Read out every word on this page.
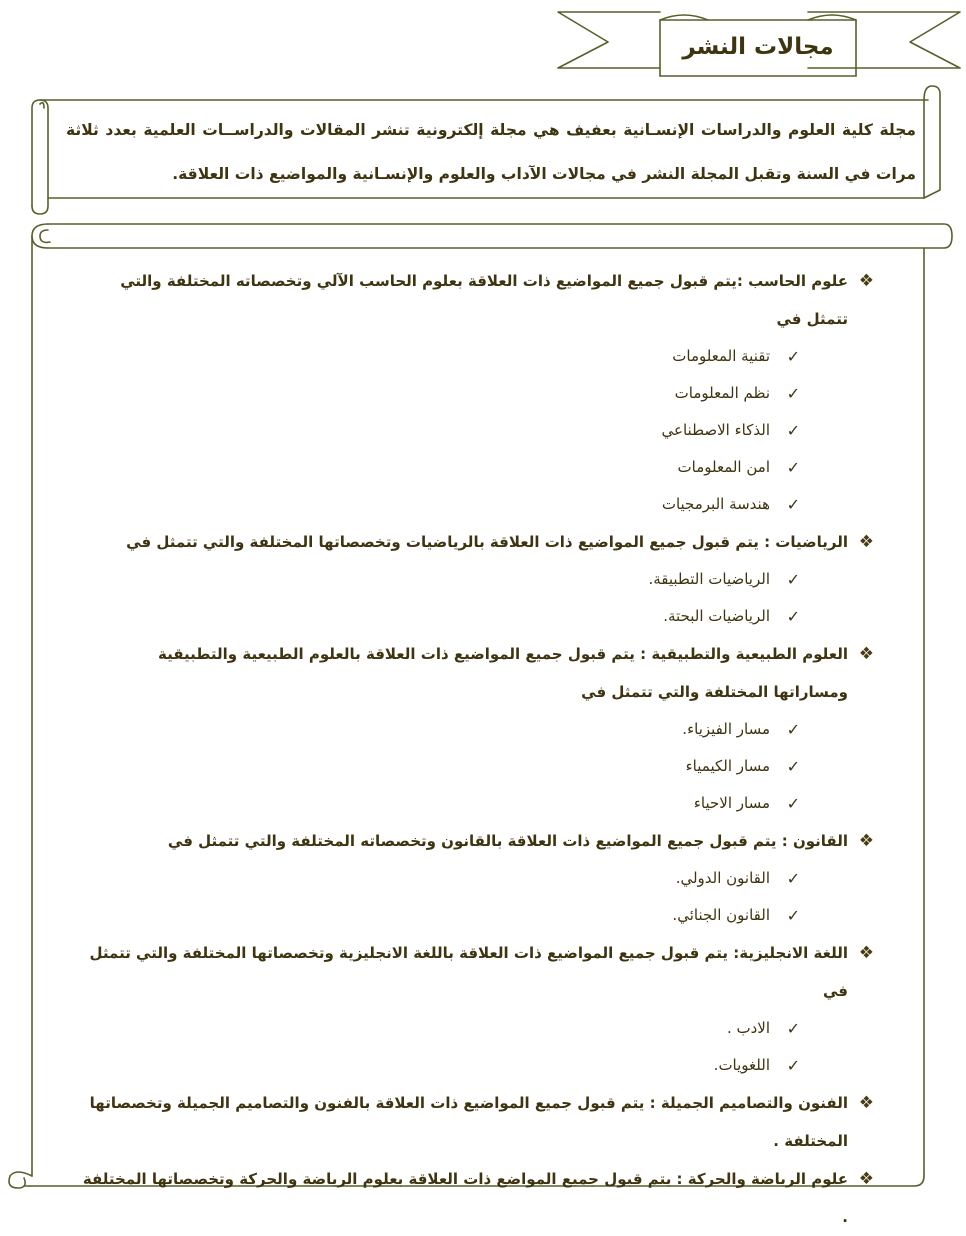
مجالات النشر
مجلة كلية العلوم والدراسات الإنسـانية بعفيف هي مجلة إلكترونية تنشر المقالات والدراســات العلمية بعدد ثلاثة مرات في السنة وتقبل المجلة النشر في مجالات الآداب والعلوم والإنسـانية والمواضيع ذات العلاقة.
❖
علوم الحاسب :يتم قبول جميع المواضيع ذات العلاقة بعلوم الحاسب الآلي وتخصصاته المختلفة والتي تتمثل في
✓
تقنية المعلومات
✓
نظم المعلومات
✓
الذكاء الاصطناعي
✓
امن المعلومات
✓
هندسة البرمجيات
❖
الرياضيات : يتم قبول جميع المواضيع ذات العلاقة بالرياضيات وتخصصاتها المختلفة والتي تتمثل في
✓
الرياضيات التطبيقة.
✓
الرياضيات البحتة.
❖
العلوم الطبيعية والتطبيقية : يتم قبول جميع المواضيع ذات العلاقة بالعلوم الطبيعية والتطبيقية ومساراتها المختلفة والتي تتمثل في
✓
مسار الفيزياء.
✓
مسار الكيمياء
✓
مسار الاحياء
❖
القانون : يتم قبول جميع المواضيع ذات العلاقة بالقانون وتخصصاته المختلفة والتي تتمثل في
✓
القانون الدولي.
✓
القانون الجنائي.
❖
اللغة الانجليزية: يتم قبول جميع المواضيع ذات العلاقة باللغة الانجليزية وتخصصاتها المختلفة والتي تتمثل في
✓
الادب .
✓
اللغويات.
❖
الفنون والتصاميم الجميلة : يتم قبول جميع المواضيع ذات العلاقة بالفنون والتصاميم الجميلة وتخصصاتها المختلفة .
❖
علوم الرياضة والحركة : يتم قبول جميع المواضع ذات العلاقة بعلوم الرياضة والحركة وتخصصاتها المختلفة .
